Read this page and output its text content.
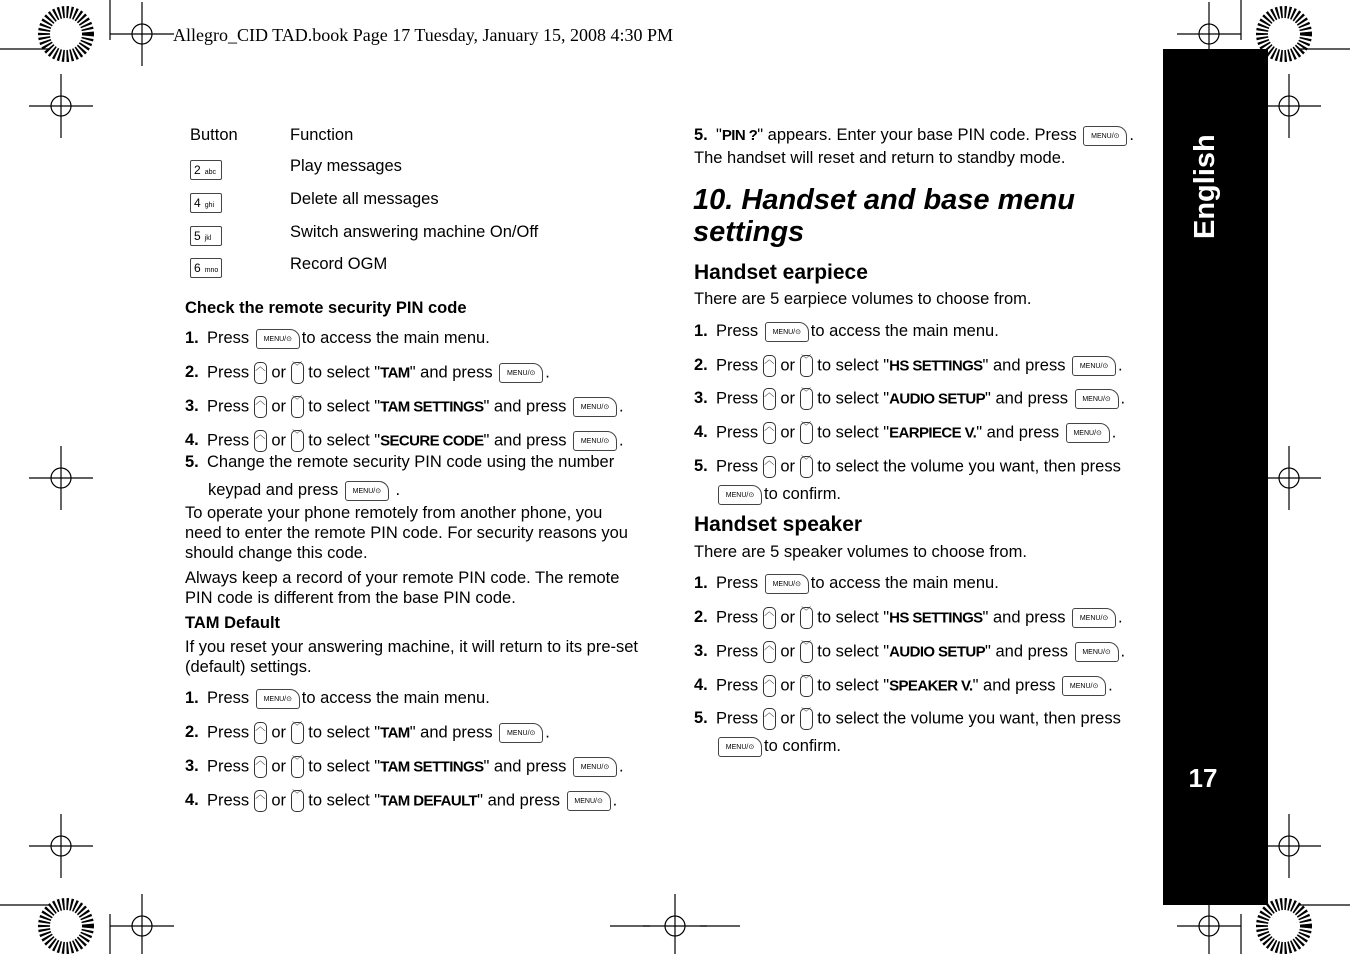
Allegro_CID TAD.book Page 17 Tuesday, January 15, 2008 4:30 PM
English
17
Button	Function
2 abc	Play messages
4 ghi	Delete all messages
5 jkl	Switch answering machine On/Off
6 mno	Record OGM
Check the remote security PIN code
1. Press MENU/⊙ to access the main menu.
2. Press ︿ or ﹀ to select "TAM" and press MENU/⊙ .
3. Press ︿ or ﹀ to select "TAM SETTINGS" and press MENU/⊙ .
4. Press ︿ or ﹀ to select "SECURE CODE" and press MENU/⊙ .
5. Change the remote security PIN code using the number
keypad and press MENU/⊙ .
To operate your phone remotely from another phone, you
need to enter the remote PIN code. For security reasons you
should change this code.
Always keep a record of your remote PIN code. The remote
PIN code is different from the base PIN code.
TAM Default
If you reset your answering machine, it will return to its pre-set
(default) settings.
1. Press MENU/⊙ to access the main menu.
2. Press ︿ or ﹀ to select "TAM" and press MENU/⊙ .
3. Press ︿ or ﹀ to select "TAM SETTINGS" and press MENU/⊙ .
4. Press ︿ or ﹀ to select "TAM DEFAULT" and press MENU/⊙ .
5. "PIN ?" appears. Enter your base PIN code. Press MENU/⊙ .
The handset will reset and return to standby mode.
10. Handset and base menu
settings
Handset earpiece
There are 5 earpiece volumes to choose from.
1. Press MENU/⊙ to access the main menu.
2. Press ︿ or ﹀ to select "HS SETTINGS" and press MENU/⊙ .
3. Press ︿ or ﹀ to select "AUDIO SETUP" and press MENU/⊙ .
4. Press ︿ or ﹀ to select "EARPIECE V." and press MENU/⊙ .
5. Press ︿ or ﹀ to select the volume you want, then press
MENU/⊙ to confirm.
Handset speaker
There are 5 speaker volumes to choose from.
1. Press MENU/⊙ to access the main menu.
2. Press ︿ or ﹀ to select "HS SETTINGS" and press MENU/⊙ .
3. Press ︿ or ﹀ to select "AUDIO SETUP" and press MENU/⊙ .
4. Press ︿ or ﹀ to select "SPEAKER V." and press MENU/⊙ .
5. Press ︿ or ﹀ to select the volume you want, then press
MENU/⊙ to confirm.
